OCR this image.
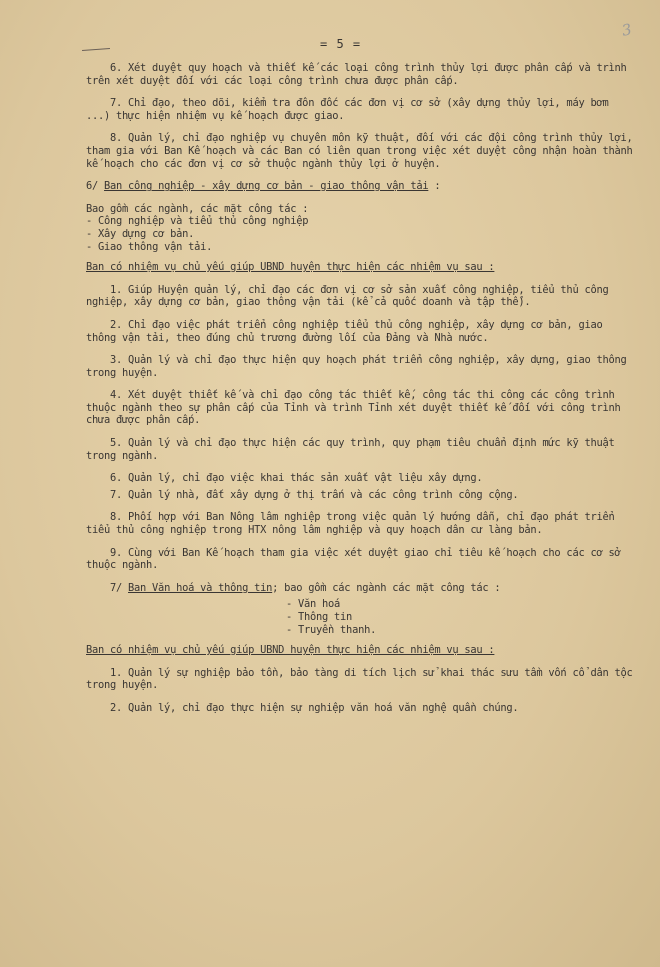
3
= 5 =

6. Xét duyệt quy hoạch và thiết kế các loại công trình thủy lợi được phân cấp và trình trên xét duyệt đối với các loại công trình chưa được phân cấp.

7. Chỉ đạo, theo dõi, kiểm tra đôn đốc các đơn vị cơ sở (xây dựng thủy lợi, máy bơm ...) thực hiện nhiệm vụ kế hoạch được giao.

8. Quản lý, chỉ đạo nghiệp vụ chuyên môn kỹ thuật, đối với các đội công trình thủy lợi, tham gia với Ban Kế hoạch và các Ban có liên quan trong việc xét duyệt công nhận hoàn thành kế hoạch cho các đơn vị cơ sở thuộc ngành thủy lợi ở huyện.

6/ Ban công nghiệp - xây dựng cơ bản - giao thông vận tải :

Bao gồm các ngành, các mặt công tác :
- Công nghiệp và tiểu thủ công nghiệp
- Xây dựng cơ bản.
- Giao thông vận tải.

Ban có nhiệm vụ chủ yếu giúp UBND huyện thực hiện các nhiệm vụ sau :

1. Giúp Huyện quản lý, chỉ đạo các đơn vị cơ sở sản xuất công nghiệp, tiểu thủ công nghiệp, xây dựng cơ bản, giao thông vận tải (kể cả quốc doanh và tập thể).

2. Chỉ đạo việc phát triển công nghiệp tiểu thủ công nghiệp, xây dựng cơ bản, giao thông vận tải, theo đúng chủ trương đường lối của Đảng và Nhà nước.

3. Quản lý và chỉ đạo thực hiện quy hoạch phát triển công nghiệp, xây dựng, giao thông trong huyện.

4. Xét duyệt thiết kế và chỉ đạo công tác thiết kế, công tác thi công các công trình thuộc ngành theo sự phân cấp của Tỉnh và trình Tỉnh xét duyệt thiết kế đối với công trình chưa được phân cấp.

5. Quản lý và chỉ đạo thực hiện các quy trình, quy phạm tiêu chuẩn định mức kỹ thuật trong ngành.

6. Quản lý, chỉ đạo việc khai thác sản xuất vật liệu xây dựng.

7. Quản lý nhà, đất xây dựng ở thị trấn và các công trình công cộng.

8. Phối hợp với Ban Nông lâm nghiệp trong việc quản lý hướng dẫn, chỉ đạo phát triển tiểu thủ công nghiệp trong HTX nông lâm nghiệp và quy hoạch dân cư làng bản.

9. Cùng với Ban Kế hoạch tham gia việc xét duyệt giao chỉ tiêu kế hoạch cho các cơ sở thuộc ngành.

7/ Ban Văn hoá và thông tin; bao gồm các ngành các mặt công tác :

- Văn hoá
- Thông tin
- Truyền thanh.

Ban có nhiệm vụ chủ yếu giúp UBND huyện thực hiện các nhiệm vụ sau :

1. Quản lý sự nghiệp bảo tồn, bảo tàng di tích lịch sử khai thác sưu tầm vốn cổ dân tộc trong huyện.

2. Quản lý, chỉ đạo thực hiện sự nghiệp văn hoá văn nghệ quần chúng.
